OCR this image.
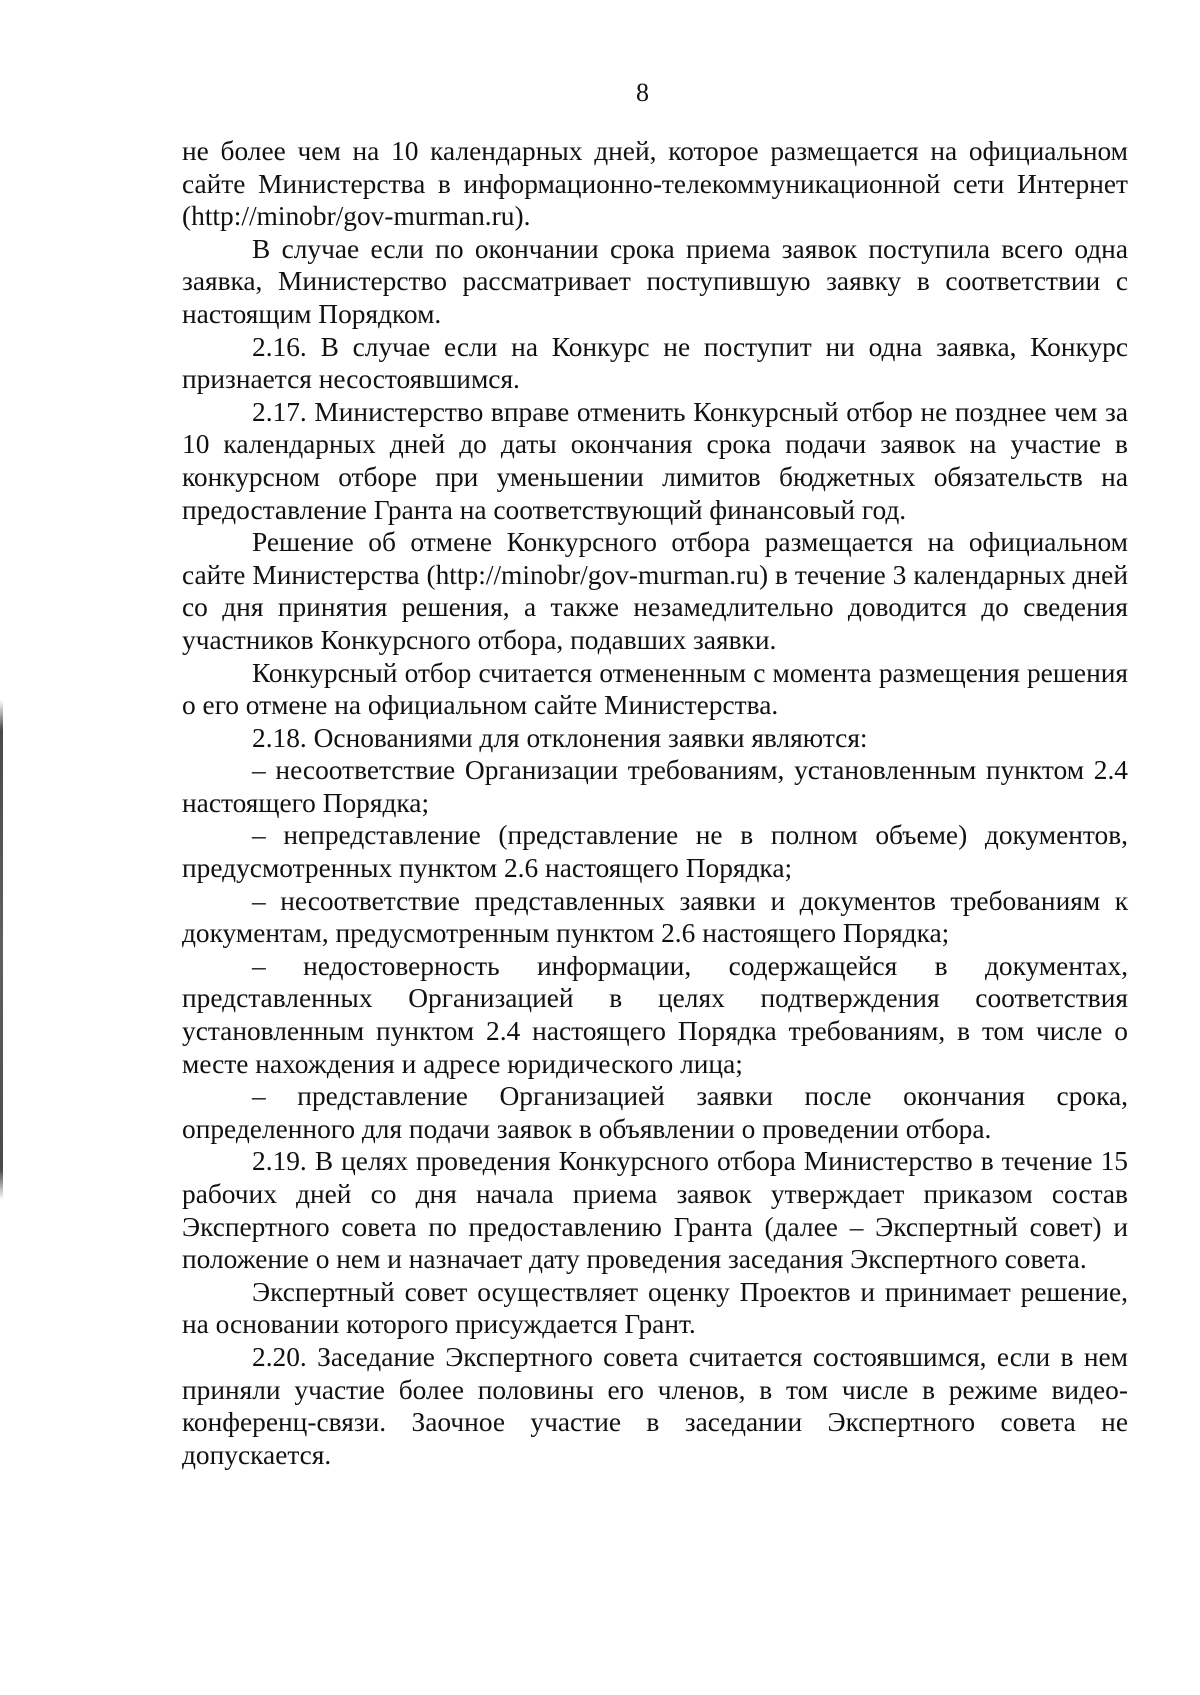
8

не более чем на 10 календарных дней, которое размещается на официальном сайте Министерства в информационно-телекоммуникационной сети Интернет (http://minobr/gov-murman.ru).

В случае если по окончании срока приема заявок поступила всего одна заявка, Министерство рассматривает поступившую заявку в соответствии с настоящим Порядком.

2.16. В случае если на Конкурс не поступит ни одна заявка, Конкурс признается несостоявшимся.

2.17. Министерство вправе отменить Конкурсный отбор не позднее чем за 10 календарных дней до даты окончания срока подачи заявок на участие в конкурсном отборе при уменьшении лимитов бюджетных обязательств на предоставление Гранта на соответствующий финансовый год.

Решение об отмене Конкурсного отбора размещается на официальном сайте Министерства (http://minobr/gov-murman.ru) в течение 3 календарных дней со дня принятия решения, а также незамедлительно доводится до сведения участников Конкурсного отбора, подавших заявки.

Конкурсный отбор считается отмененным с момента размещения решения о его отмене на официальном сайте Министерства.

2.18. Основаниями для отклонения заявки являются:

– несоответствие Организации требованиям, установленным пунктом 2.4 настоящего Порядка;

– непредставление (представление не в полном объеме) документов, предусмотренных пунктом 2.6 настоящего Порядка;

– несоответствие представленных заявки и документов требованиям к документам, предусмотренным пунктом 2.6 настоящего Порядка;

– недостоверность информации, содержащейся в документах, представленных Организацией в целях подтверждения соответствия установленным пунктом 2.4 настоящего Порядка требованиям, в том числе о месте нахождения и адресе юридического лица;

– представление Организацией заявки после окончания срока, определенного для подачи заявок в объявлении о проведении отбора.

2.19. В целях проведения Конкурсного отбора Министерство в течение 15 рабочих дней со дня начала приема заявок утверждает приказом состав Экспертного совета по предоставлению Гранта (далее – Экспертный совет) и положение о нем и назначает дату проведения заседания Экспертного совета.

Экспертный совет осуществляет оценку Проектов и принимает решение, на основании которого присуждается Грант.

2.20. Заседание Экспертного совета считается состоявшимся, если в нем приняли участие более половины его членов, в том числе в режиме видео-конференц-связи. Заочное участие в заседании Экспертного совета не допускается.
